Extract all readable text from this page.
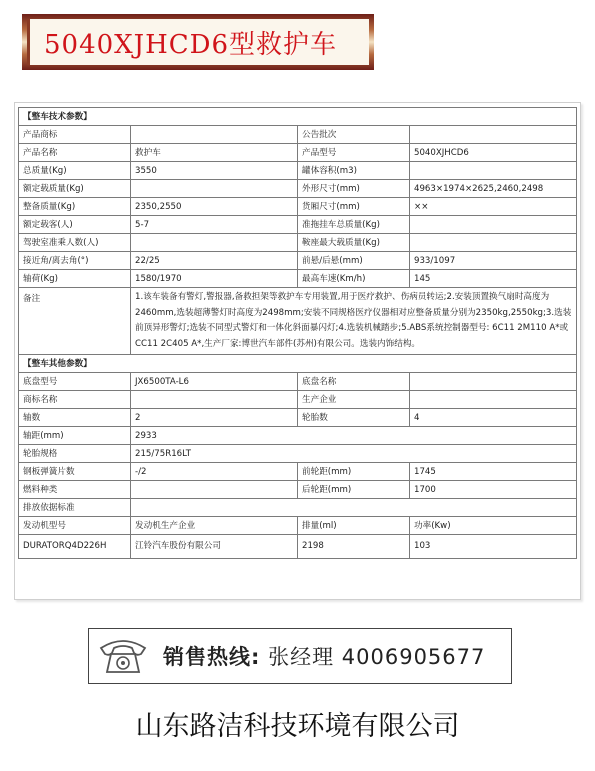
5040XJHCD6型救护车
【整车技术参数】			
产品商标		公告批次	
产品名称	救护车	产品型号	5040XJHCD6
总质量(Kg)	3550	罐体容积(m3)	
额定载质量(Kg)		外形尺寸(mm)	4963×1974×2625,2460,2498
整备质量(Kg)	2350,2550	货厢尺寸(mm)	××
额定载客(人)	5-7	准拖挂车总质量(Kg)	
驾驶室准乘人数(人)		鞍座最大载质量(Kg)	
接近角/离去角(°)	22/25	前悬/后悬(mm)	933/1097
轴荷(Kg)	1580/1970	最高车速(Km/h)	145
备注	1.该车装备有警灯,警报器,备救担架等救护车专用装置,用于医疗救护、伤病员转运;2.安装顶置换气扇时高度为2460mm,选装超薄警灯时高度为2498mm;安装不同规格医疗仪器相对应整备质量分别为2350kg,2550kg;3.选装前顶异形警灯;选装不同型式警灯和一体化斜面暴闪灯;4.选装机械踏步;5.ABS系统控制器型号: 6C11 2M110 A*或CC11 2C405 A*,生产厂家:博世汽车部件(苏州)有限公司。选装内饰结构。		
【整车其他参数】			
底盘型号	JX6500TA-L6	底盘名称	
商标名称		生产企业	
轴数	2	轮胎数	4
轴距(mm)	2933		
轮胎规格	215/75R16LT		
钢板弹簧片数	-/2	前轮距(mm)	1745
燃料种类		后轮距(mm)	1700
排放依据标准			
发动机型号	发动机生产企业	排量(ml)	功率(Kw)
DURATORQ4D226H	江铃汽车股份有限公司	2198	103
销售热线: 张经理 4006905677
山东路洁科技环境有限公司
